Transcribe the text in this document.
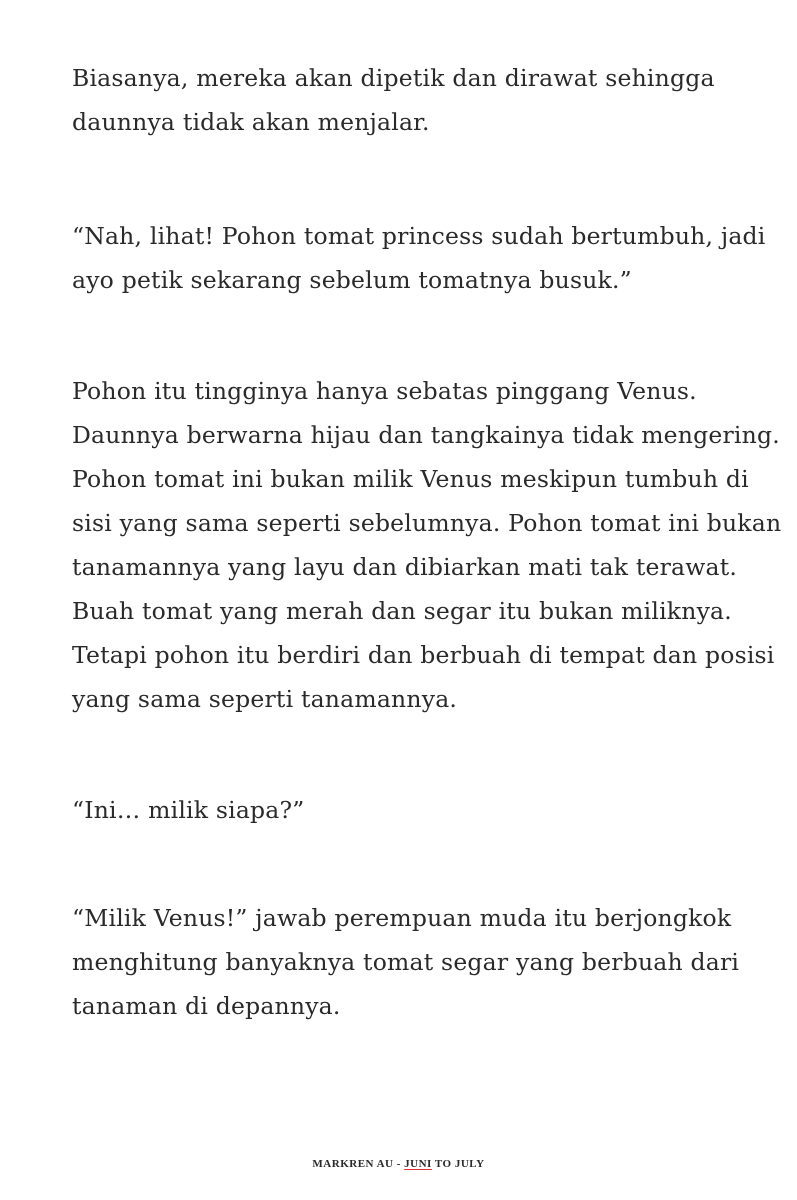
Biasanya, mereka akan dipetik dan dirawat sehingga
daunnya tidak akan menjalar.

“Nah, lihat! Pohon tomat princess sudah bertumbuh, jadi
ayo petik sekarang sebelum tomatnya busuk.”

Pohon itu tingginya hanya sebatas pinggang Venus.
Daunnya berwarna hijau dan tangkainya tidak mengering.
Pohon tomat ini bukan milik Venus meskipun tumbuh di
sisi yang sama seperti sebelumnya. Pohon tomat ini bukan
tanamannya yang layu dan dibiarkan mati tak terawat.
Buah tomat yang merah dan segar itu bukan miliknya.
Tetapi pohon itu berdiri dan berbuah di tempat dan posisi
yang sama seperti tanamannya.

“Ini… milik siapa?”

“Milik Venus!” jawab perempuan muda itu berjongkok
menghitung banyaknya tomat segar yang berbuah dari
tanaman di depannya.

MARKREN AU - JUNI TO JULY
